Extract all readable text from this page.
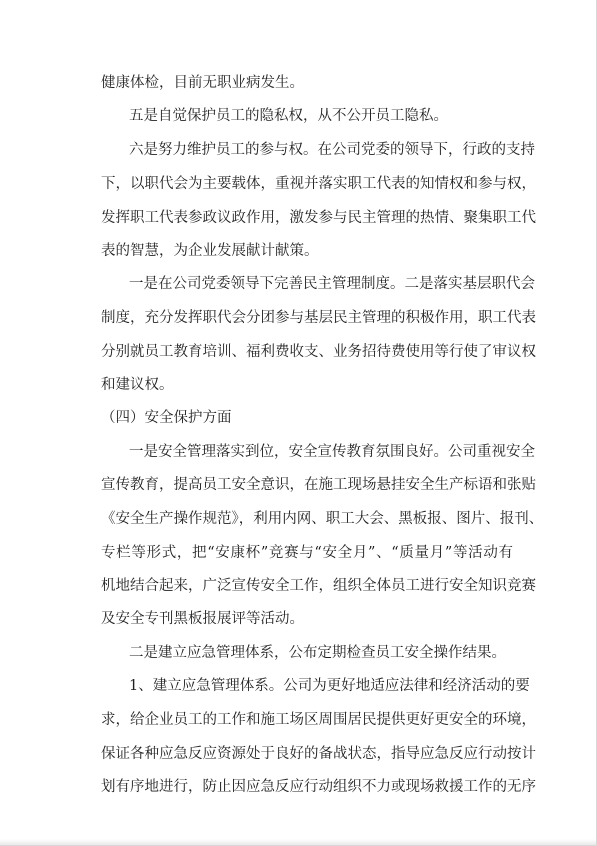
健康体检，目前无职业病发生。
五是自觉保护员工的隐私权，从不公开员工隐私。
六是努力维护员工的参与权。在公司党委的领导下，行政的支持
下，以职代会为主要载体，重视并落实职工代表的知情权和参与权，
发挥职工代表参政议政作用，激发参与民主管理的热情、聚集职工代
表的智慧，为企业发展献计献策。
一是在公司党委领导下完善民主管理制度。二是落实基层职代会
制度，充分发挥职代会分团参与基层民主管理的积极作用，职工代表
分别就员工教育培训、福利费收支、业务招待费使用等行使了审议权
和建议权。
（四）安全保护方面
一是安全管理落实到位，安全宣传教育氛围良好。公司重视安全
宣传教育，提高员工安全意识，在施工现场悬挂安全生产标语和张贴
《安全生产操作规范》，利用内网、职工大会、黑板报、图片、报刊、
专栏等形式，把“安康杯”竞赛与“安全月”、“质量月”等活动有
机地结合起来，广泛宣传安全工作，组织全体员工进行安全知识竞赛
及安全专刊黑板报展评等活动。
二是建立应急管理体系，公布定期检查员工安全操作结果。
1、建立应急管理体系。公司为更好地适应法律和经济活动的要
求，给企业员工的工作和施工场区周围居民提供更好更安全的环境，
保证各种应急反应资源处于良好的备战状态，指导应急反应行动按计
划有序地进行，防止因应急反应行动组织不力或现场救援工作的无序
